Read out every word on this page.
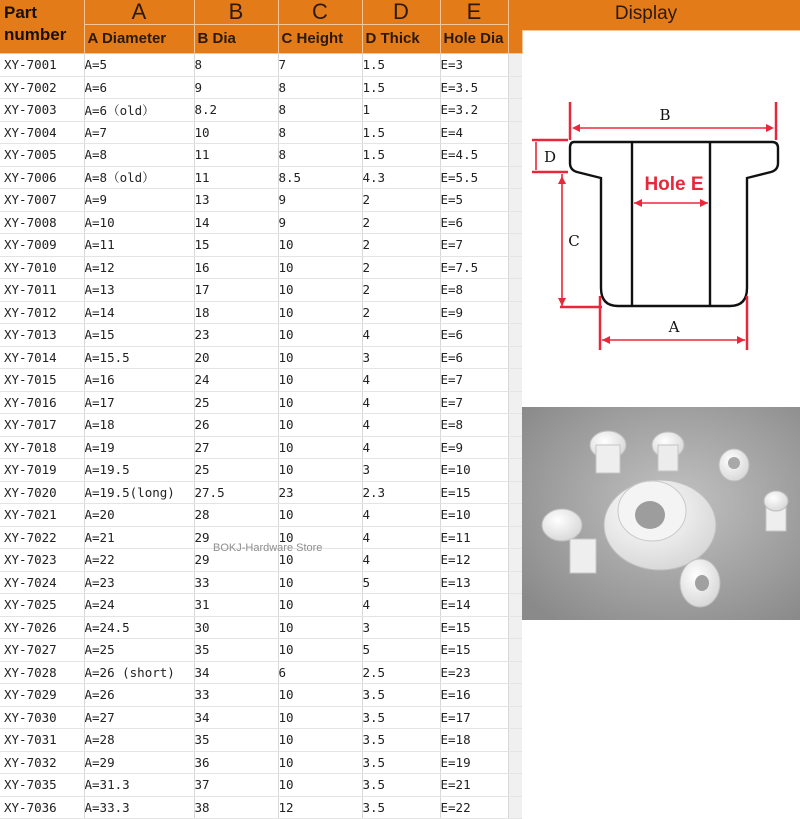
Part number	A	B	C	D	E	

	A Diameter	B Dia	C Height	D Thick	Hole Dia	
XY-7001	A=5	8	7	1.5	E=3	
XY-7002	A=6	9	8	1.5	E=3.5	
XY-7003	A=6（old）	8.2	8	1	E=3.2	
XY-7004	A=7	10	8	1.5	E=4	
XY-7005	A=8	11	8	1.5	E=4.5	
XY-7006	A=8（old）	11	8.5	4.3	E=5.5	
XY-7007	A=9	13	9	2	E=5	
XY-7008	A=10	14	9	2	E=6	
XY-7009	A=11	15	10	2	E=7	
XY-7010	A=12	16	10	2	E=7.5	
XY-7011	A=13	17	10	2	E=8	
XY-7012	A=14	18	10	2	E=9	
XY-7013	A=15	23	10	4	E=6	
XY-7014	A=15.5	20	10	3	E=6	
XY-7015	A=16	24	10	4	E=7	
XY-7016	A=17	25	10	4	E=7	
XY-7017	A=18	26	10	4	E=8	
XY-7018	A=19	27	10	4	E=9	
XY-7019	A=19.5	25	10	3	E=10	
XY-7020	A=19.5(long)	27.5	23	2.3	E=15	
XY-7021	A=20	28	10	4	E=10	
XY-7022	A=21	29	10	4	E=11	
XY-7023	A=22	29	10	4	E=12	
XY-7024	A=23	33	10	5	E=13	
XY-7025	A=24	31	10	4	E=14	
XY-7026	A=24.5	30	10	3	E=15	
XY-7027	A=25	35	10	5	E=15	
XY-7028	A=26 (short)	34	6	2.5	E=23	
XY-7029	A=26	33	10	3.5	E=16	
XY-7030	A=27	34	10	3.5	E=17	
XY-7031	A=28	35	10	3.5	E=18	
XY-7032	A=29	36	10	3.5	E=19	
XY-7035	A=31.3	37	10	3.5	E=21	
XY-7036	A=33.3	38	12	3.5	E=22	
Display
B
D
C
A
Hole E
BOKJ-Hardware Store
